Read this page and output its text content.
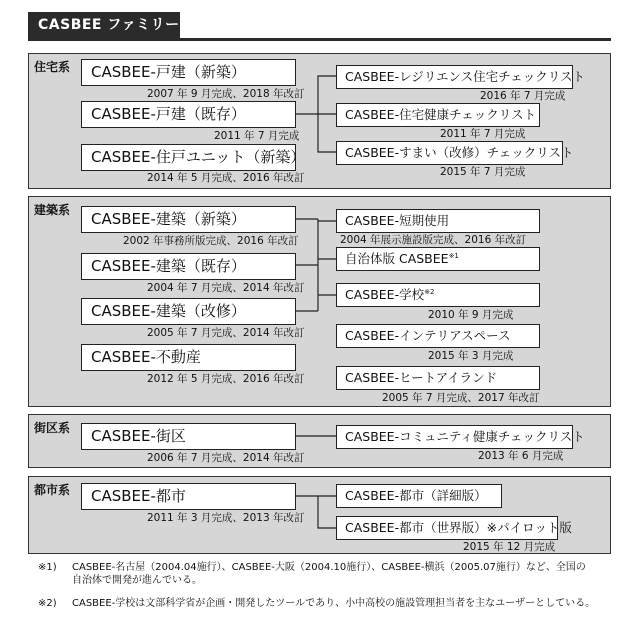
CASBEE ファミリー
住宅系	CASBEE-戸建（新築）
2007 年 9 月完成、2018 年改訂
CASBEE-戸建（既存）
2011 年 7 月完成
CASBEE-住戸ユニット（新築）
2014 年 5 月完成、2016 年改訂
CASBEE-レジリエンス住宅チェックリスト
2016 年 7 月完成
CASBEE-住宅健康チェックリスト
2011 年 7 月完成
CASBEE-すまい（改修）チェックリスト
2015 年 7 月完成
建築系	CASBEE-建築（新築）
2002 年事務所版完成、2016 年改訂
CASBEE-建築（既存）
2004 年 7 月完成、2014 年改訂
CASBEE-建築（改修）
2005 年 7 月完成、2014 年改訂
CASBEE-不動産
2012 年 5 月完成、2016 年改訂
CASBEE-短期使用
2004 年展示施設版完成、2016 年改訂
自治体版 CASBEE$^{※1}$
CASBEE-学校$^{※2}$
2010 年 9 月完成
CASBEE-インテリアスペース
2015 年 3 月完成
CASBEE-ヒートアイランド
2005 年 7 月完成、2017 年改訂
街区系	CASBEE-街区
2006 年 7 月完成、2014 年改訂
CASBEE-コミュニティ健康チェックリスト
2013 年 6 月完成
都市系	CASBEE-都市
2011 年 3 月完成、2013 年改訂
CASBEE-都市（詳細版）
CASBEE-都市（世界版）※パイロット版
2015 年 12 月完成
※1) CASBEE-名古屋（2004.04施行）、CASBEE-大阪（2004.10施行）、CASBEE-横浜（2005.07施行）など、全国の
自治体で開発が進んでいる。
※2) CASBEE-学校は文部科学省が企画・開発したツールであり、小中高校の施設管理担当者を主なユーザーとしている。
